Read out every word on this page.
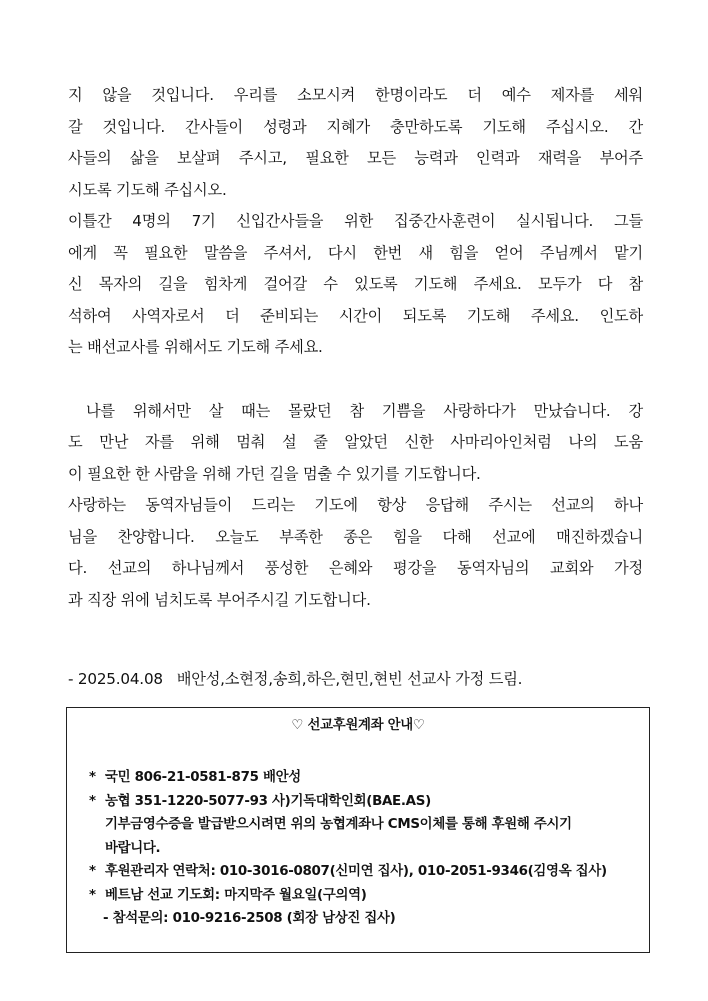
지 않을 것입니다. 우리를 소모시켜 한명이라도 더 예수 제자를 세워
갈 것입니다. 간사들이 성령과 지혜가 충만하도록 기도해 주십시오. 간
사들의 삶을 보살펴 주시고, 필요한 모든 능력과 인력과 재력을 부어주
시도록 기도해 주십시오.

이틀간 4명의 7기 신입간사들을 위한 집중간사훈련이 실시됩니다. 그들
에게 꼭 필요한 말씀을 주셔서, 다시 한번 새 힘을 얻어 주님께서 맡기
신 목자의 길을 힘차게 걸어갈 수 있도록 기도해 주세요. 모두가 다 참
석하여 사역자로서 더 준비되는 시간이 되도록 기도해 주세요. 인도하
는 배선교사를 위해서도 기도해 주세요.

나를 위해서만 살 때는 몰랐던 참 기쁨을 사랑하다가 만났습니다. 강
도 만난 자를 위해 멈춰 설 줄 알았던 신한 사마리아인처럼 나의 도움
이 필요한 한 사람을 위해 가던 길을 멈출 수 있기를 기도합니다.

사랑하는 동역자님들이 드리는 기도에 항상 응답해 주시는 선교의 하나
님을 찬양합니다. 오늘도 부족한 종은 힘을 다해 선교에 매진하겠습니
다. 선교의 하나님께서 풍성한 은혜와 평강을 동역자님의 교회와 가정
과 직장 위에 넘치도록 부어주시길 기도합니다.

- 2025.04.08   배안성,소현정,송희,하은,현민,현빈 선교사 가정 드림.
♡ 선교후원계좌 안내♡
* 국민 806-21-0581-875 배안성
* 농협 351-1220-5077-93 사)기독대학인회(BAE.AS)
기부금영수증을 발급받으시려면 위의 농협계좌나 CMS이체를 통해 후원해 주시기
바랍니다.
* 후원관리자 연락처: 010-3016-0807(신미연 집사), 010-2051-9346(김영옥 집사)
* 베트남 선교 기도회: 마지막주 월요일(구의역)
- 참석문의: 010-9216-2508 (회장 남상진 집사)
